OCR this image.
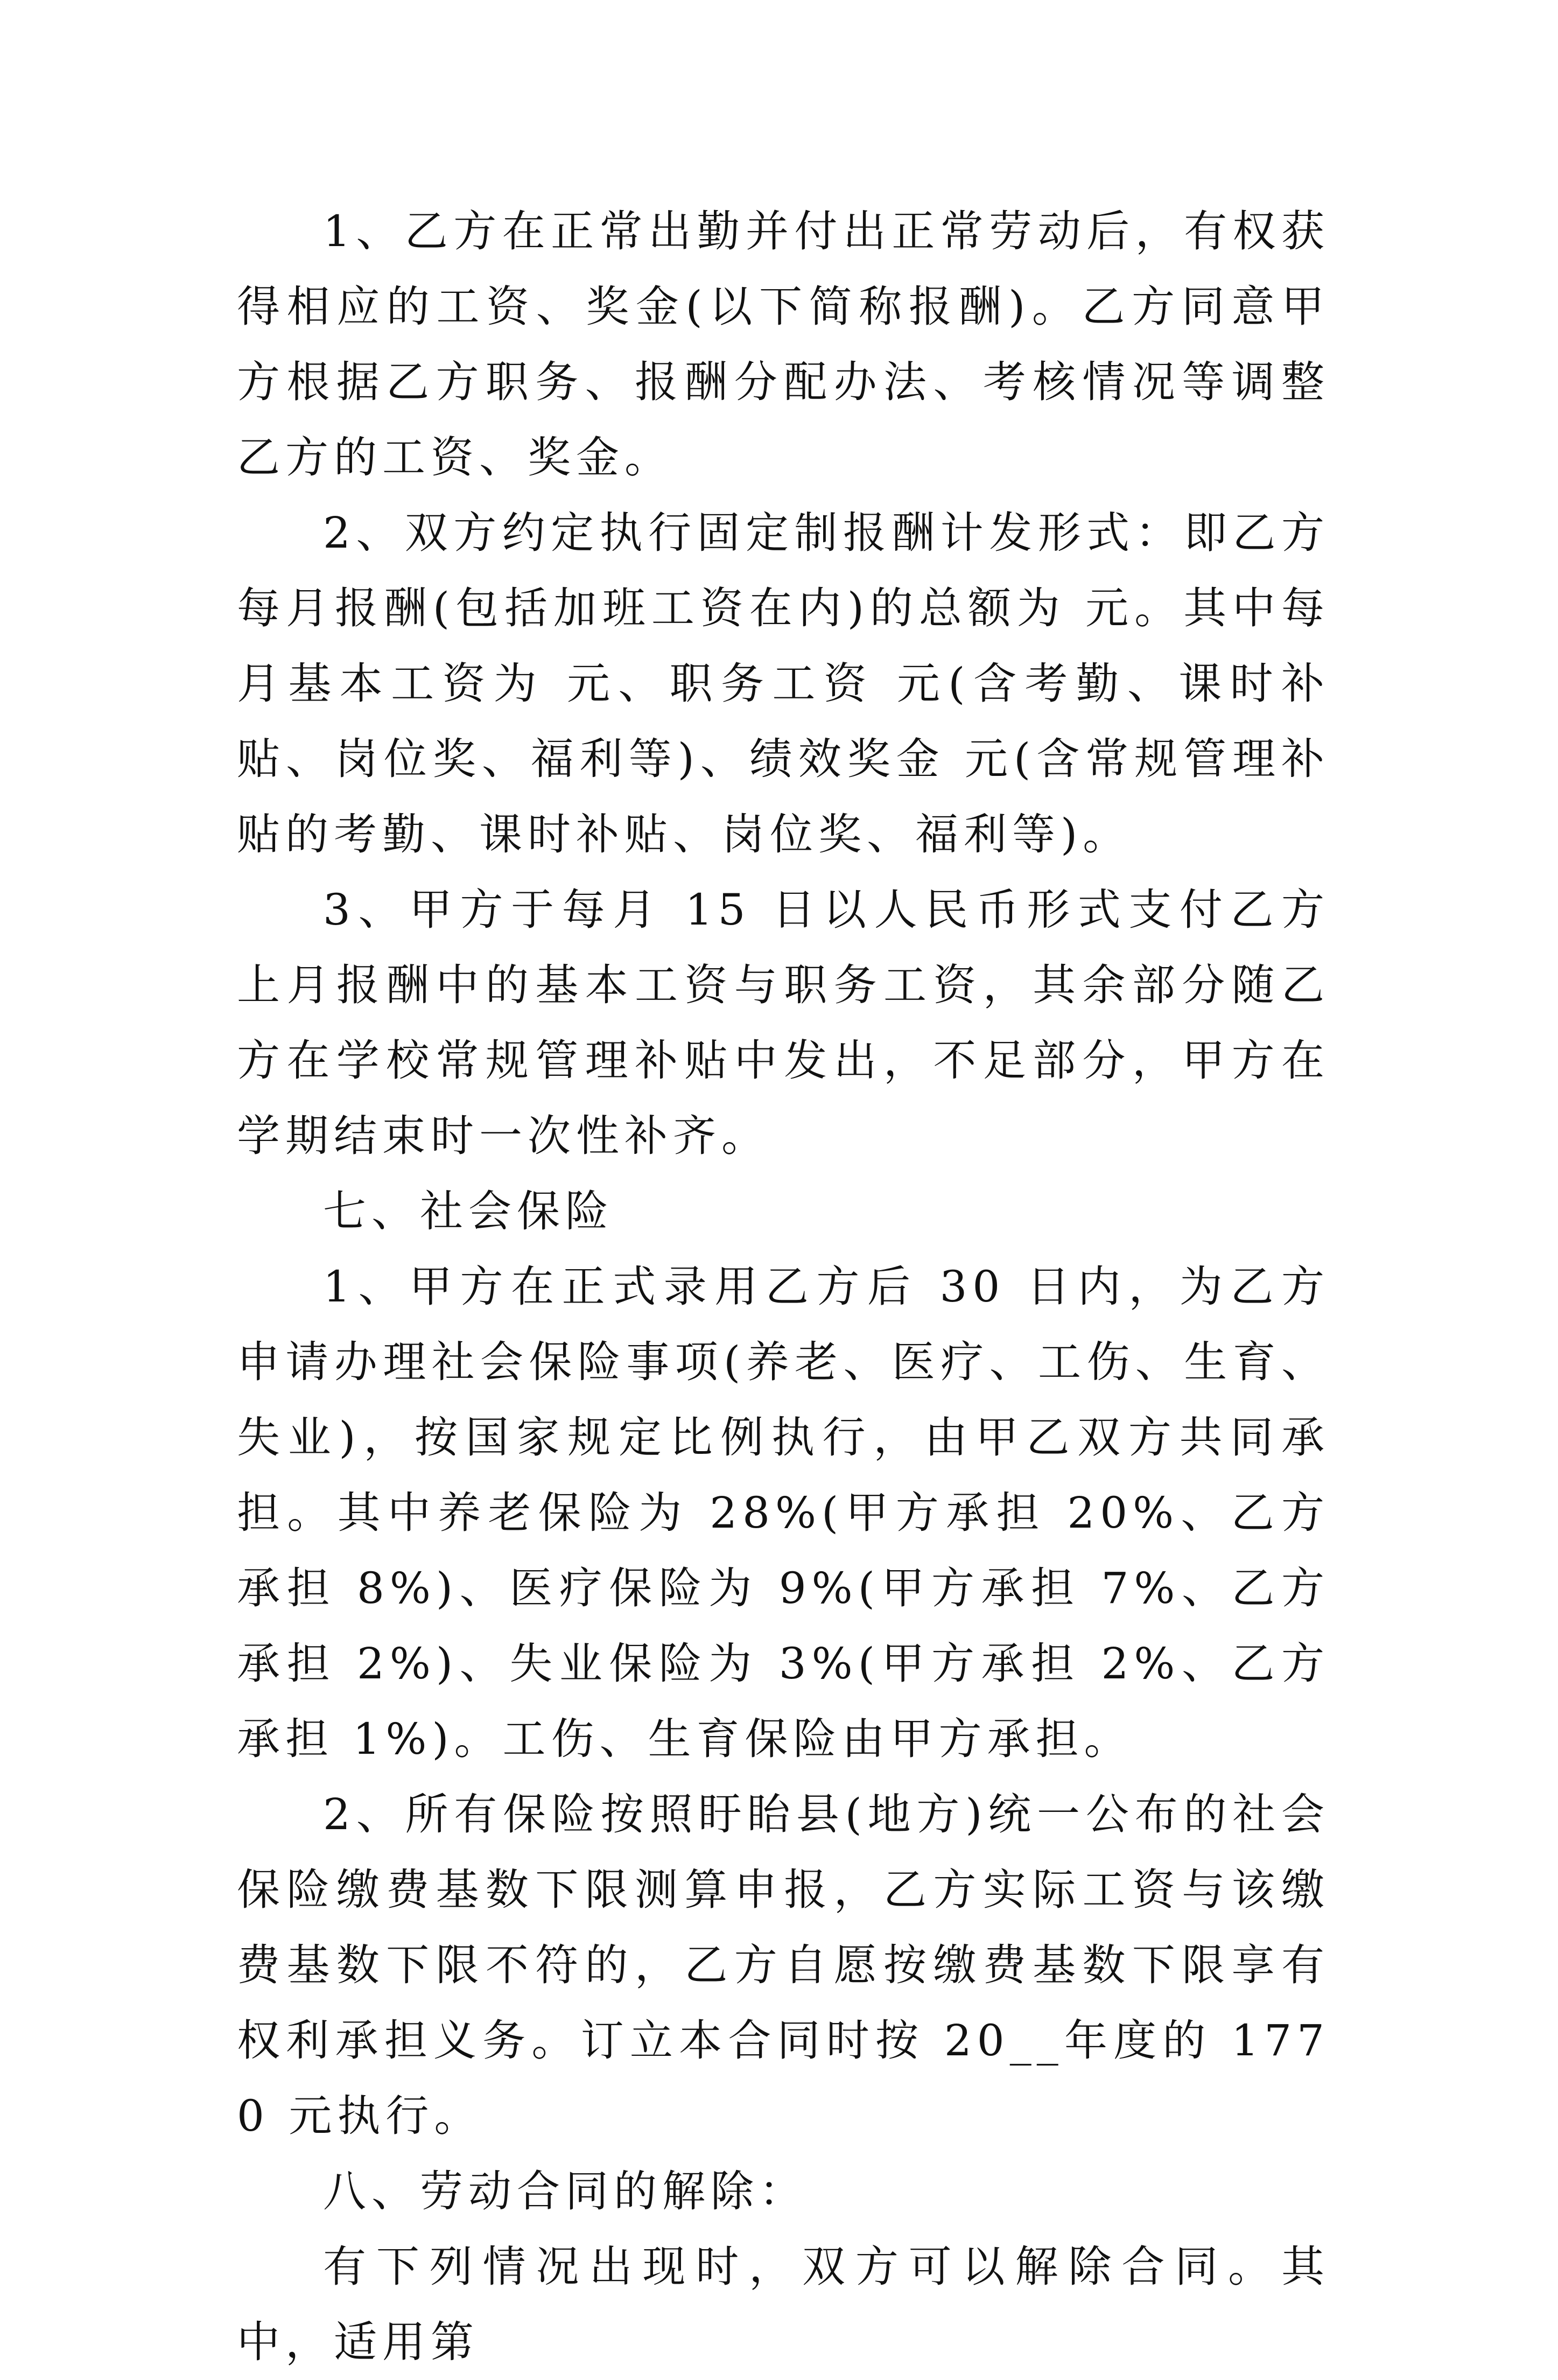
1、乙方在正常出勤并付出正常劳动后，有权获得相应的工资、奖金(以下简称报酬)。乙方同意甲方根据乙方职务、报酬分配办法、考核情况等调整乙方的工资、奖金。

2、双方约定执行固定制报酬计发形式：即乙方每月报酬(包括加班工资在内)的总额为 元。其中每月基本工资为 元、职务工资 元(含考勤、课时补贴、岗位奖、福利等)、绩效奖金 元(含常规管理补贴的考勤、课时补贴、岗位奖、福利等)。

3、甲方于每月 15 日以人民币形式支付乙方上月报酬中的基本工资与职务工资，其余部分随乙方在学校常规管理补贴中发出，不足部分，甲方在学期结束时一次性补齐。

七、社会保险

1、甲方在正式录用乙方后 30 日内，为乙方申请办理社会保险事项(养老、医疗、工伤、生育、失业)，按国家规定比例执行，由甲乙双方共同承担。其中养老保险为 28%(甲方承担 20%、乙方承担 8%)、医疗保险为 9%(甲方承担 7%、乙方承担 2%)、失业保险为 3%(甲方承担 2%、乙方承担 1%)。工伤、生育保险由甲方承担。

2、所有保险按照盱眙县(地方)统一公布的社会保险缴费基数下限测算申报，乙方实际工资与该缴费基数下限不符的，乙方自愿按缴费基数下限享有权利承担义务。订立本合同时按 20__年度的 1770 元执行。

八、劳动合同的解除：

有下列情况出现时，双方可以解除合同。其中，适用第
